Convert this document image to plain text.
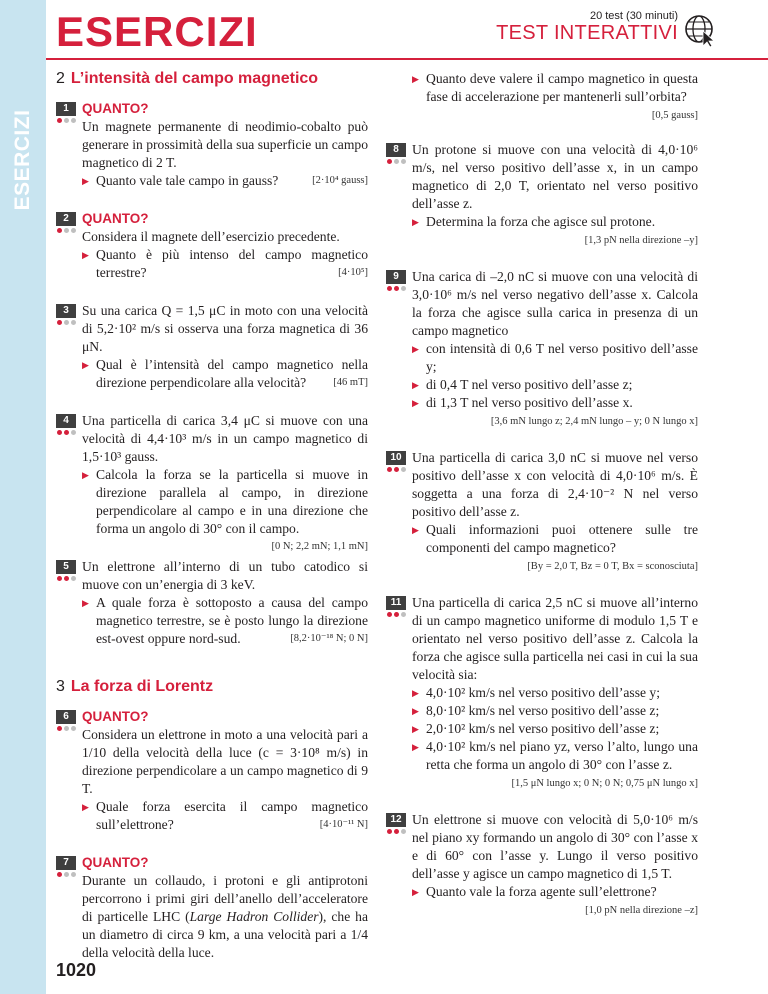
ESERCIZI
ESERCIZI	20 test (30 minuti)
TEST INTERATTIVI
2 L’intensità del campo magnetico
1 QUANTO?
Un magnete permanente di neodimio-cobalto può generare in prossimità della sua superficie un campo magnetico di 2 T.
▶ Quanto vale tale campo in gauss?	[2·10⁴ gauss]
2 QUANTO?
Considera il magnete dell’esercizio precedente.
▶ Quanto è più intenso del campo magnetico terrestre?	[4·10⁵]
3 Su una carica Q = 1,5 μC in moto con una velocità di 5,2·10² m/s si osserva una forza magnetica di 36 μN.
▶ Qual è l’intensità del campo magnetico nella direzione perpendicolare alla velocità?	[46 mT]
4 Una particella di carica 3,4 μC si muove con una velocità di 4,4·10³ m/s in un campo magnetico di 1,5·10³ gauss.
▶ Calcola la forza se la particella si muove in direzione parallela al campo, in direzione perpendicolare al campo e in una direzione che forma un angolo di 30° con il campo.
[0 N; 2,2 mN; 1,1 mN]
5 Un elettrone all’interno di un tubo catodico si muove con un’energia di 3 keV.
▶ A quale forza è sottoposto a causa del campo magnetico terrestre, se è posto lungo la direzione est-ovest oppure nord-sud.	[8,2·10⁻¹⁸ N; 0 N]
3 La forza di Lorentz
6 QUANTO?
Considera un elettrone in moto a una velocità pari a 1/10 della velocità della luce (c = 3·10⁸ m/s) in direzione perpendicolare a un campo magnetico di 9 T.
▶ Quale forza esercita il campo magnetico sull’elettrone?	[4·10⁻¹¹ N]
7 QUANTO?
Durante un collaudo, i protoni e gli antiprotoni percorrono i primi giri dell’anello dell’acceleratore di particelle LHC (Large Hadron Collider), che ha un diametro di circa 9 km, a una velocità pari a 1/4 della velocità della luce.
▶ Quanto deve valere il campo magnetico in questa fase di accelerazione per mantenerli sull’orbita?
[0,5 gauss]
8 Un protone si muove con una velocità di 4,0·10⁶ m/s, nel verso positivo dell’asse x, in un campo magnetico di 2,0 T, orientato nel verso positivo dell’asse z.
▶ Determina la forza che agisce sul protone.
[1,3 pN nella direzione –y]
9 Una carica di –2,0 nC si muove con una velocità di 3,0·10⁶ m/s nel verso negativo dell’asse x. Calcola la forza che agisce sulla carica in presenza di un campo magnetico
▶ con intensità di 0,6 T nel verso positivo dell’asse y;
▶ di 0,4 T nel verso positivo dell’asse z;
▶ di 1,3 T nel verso positivo dell’asse x.
[3,6 mN lungo z; 2,4 mN lungo – y; 0 N lungo x]
10 Una particella di carica 3,0 nC si muove nel verso positivo dell’asse x con velocità di 4,0·10⁶ m/s. È soggetta a una forza di 2,4·10⁻² N nel verso positivo dell’asse z.
▶ Quali informazioni puoi ottenere sulle tre componenti del campo magnetico?
[By = 2,0 T, Bz = 0 T, Bx = sconosciuta]
11 Una particella di carica 2,5 nC si muove all’interno di un campo magnetico uniforme di modulo 1,5 T e orientato nel verso positivo dell’asse z. Calcola la forza che agisce sulla particella nei casi in cui la sua velocità sia:
▶ 4,0·10² km/s nel verso positivo dell’asse y;
▶ 8,0·10² km/s nel verso positivo dell’asse z;
▶ 2,0·10² km/s nel verso positivo dell’asse z;
▶ 4,0·10² km/s nel piano yz, verso l’alto, lungo una retta che forma un angolo di 30° con l’asse z.
[1,5 μN lungo x; 0 N; 0 N; 0,75 μN lungo x]
12 Un elettrone si muove con velocità di 5,0·10⁶ m/s nel piano xy formando un angolo di 30° con l’asse x e di 60° con l’asse y. Lungo il verso positivo dell’asse y agisce un campo magnetico di 1,5 T.
▶ Quanto vale la forza agente sull’elettrone?
[1,0 pN nella direzione –z]
1020
